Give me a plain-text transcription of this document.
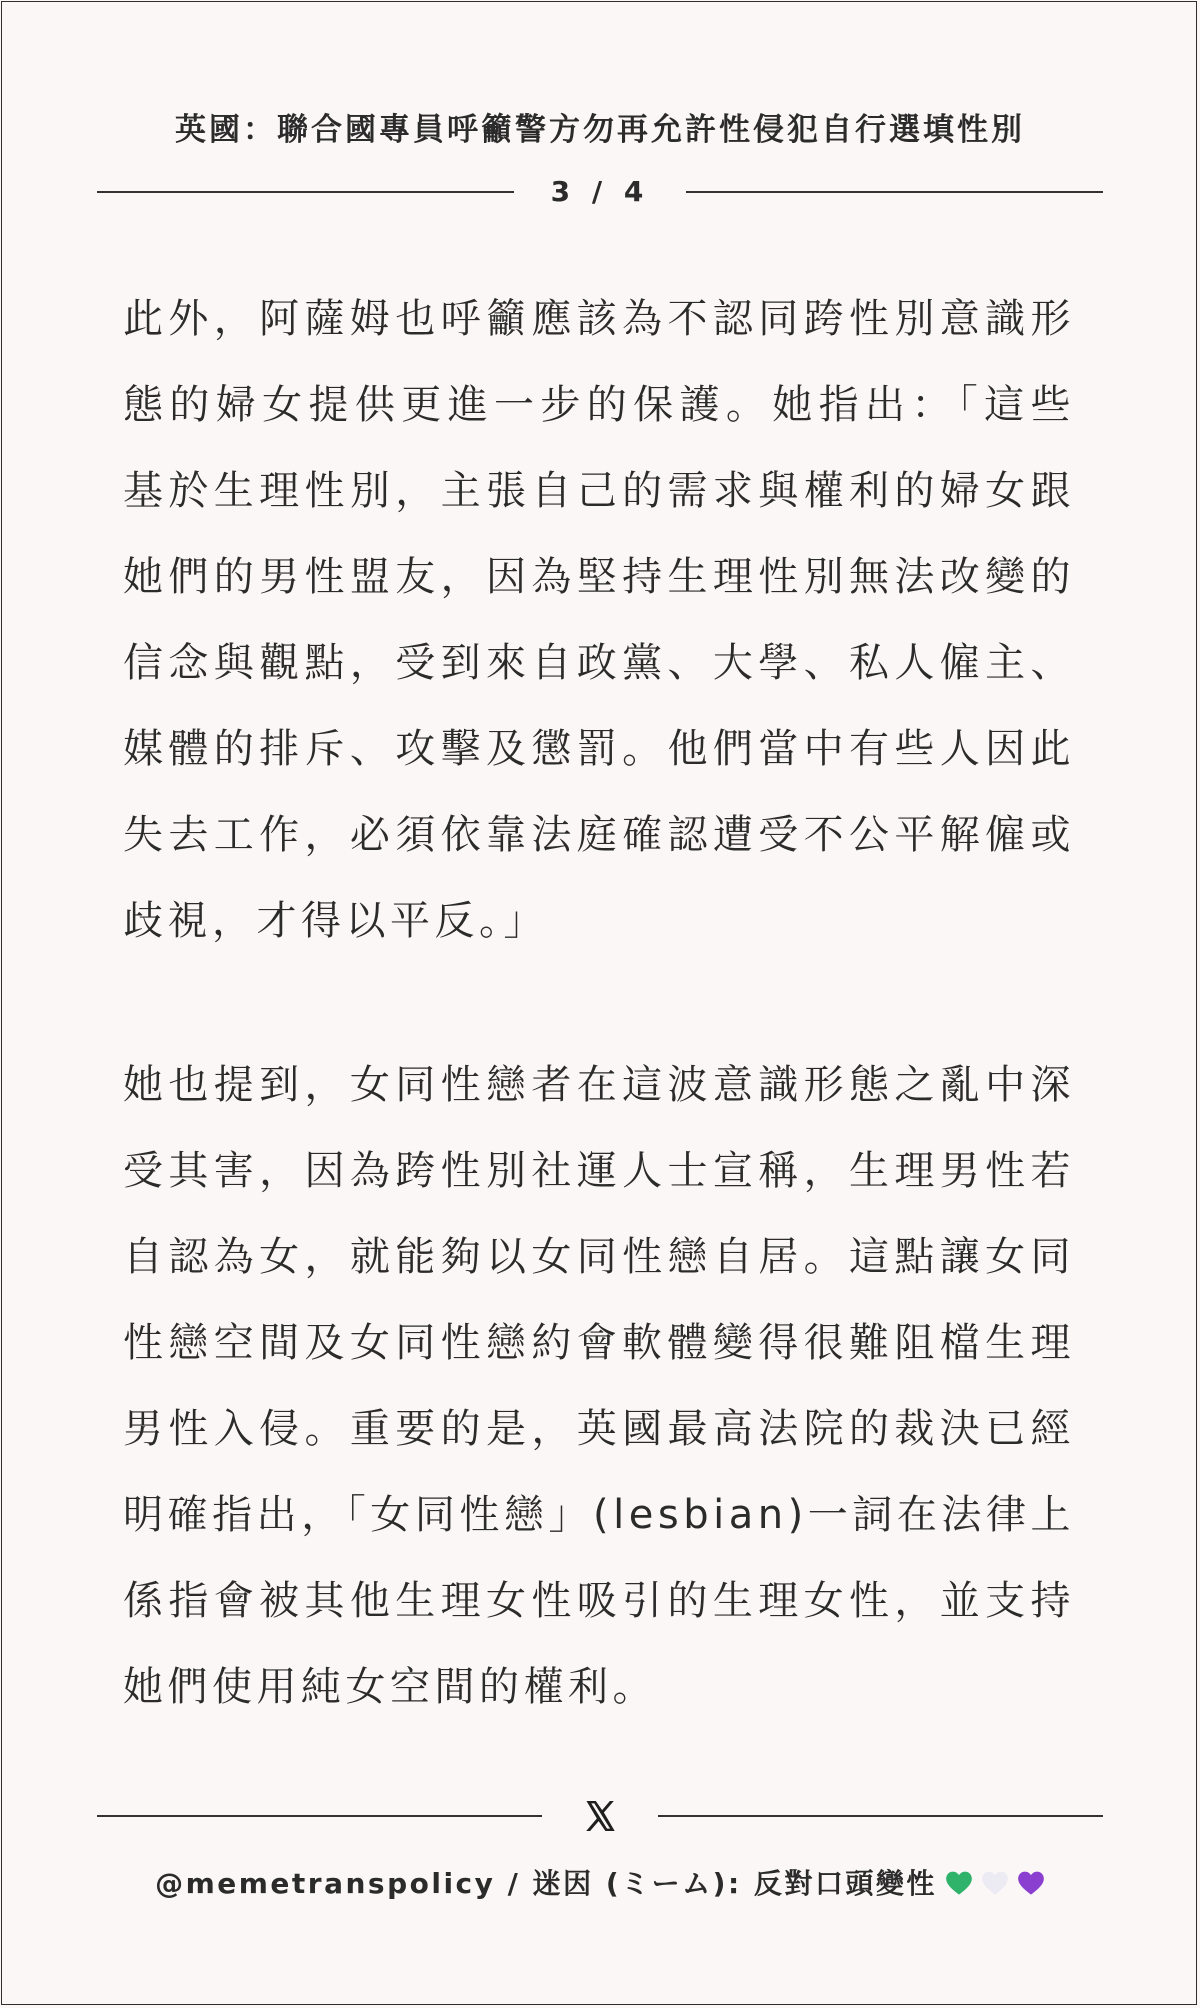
英國：聯合國專員呼籲警方勿再允許性侵犯自行選填性別
3 / 4

此外，阿薩姆也呼籲應該為不認同跨性別意識形態的婦女提供更進一步的保護。她指出：「這些基於生理性別，主張自己的需求與權利的婦女跟她們的男性盟友，因為堅持生理性別無法改變的信念與觀點，受到來自政黨、大學、私人僱主、媒體的排斥、攻擊及懲罰。他們當中有些人因此失去工作，必須依靠法庭確認遭受不公平解僱或歧視，才得以平反。」

她也提到，女同性戀者在這波意識形態之亂中深受其害，因為跨性別社運人士宣稱，生理男性若自認為女，就能夠以女同性戀自居。這點讓女同性戀空間及女同性戀約會軟體變得很難阻檔生理男性入侵。重要的是，英國最高法院的裁決已經明確指出，「女同性戀」(lesbian)一詞在法律上係指會被其他生理女性吸引的生理女性，並支持她們使用純女空間的權利。

@memetranspolicy / 迷因 (ミーム): 反對口頭變性
